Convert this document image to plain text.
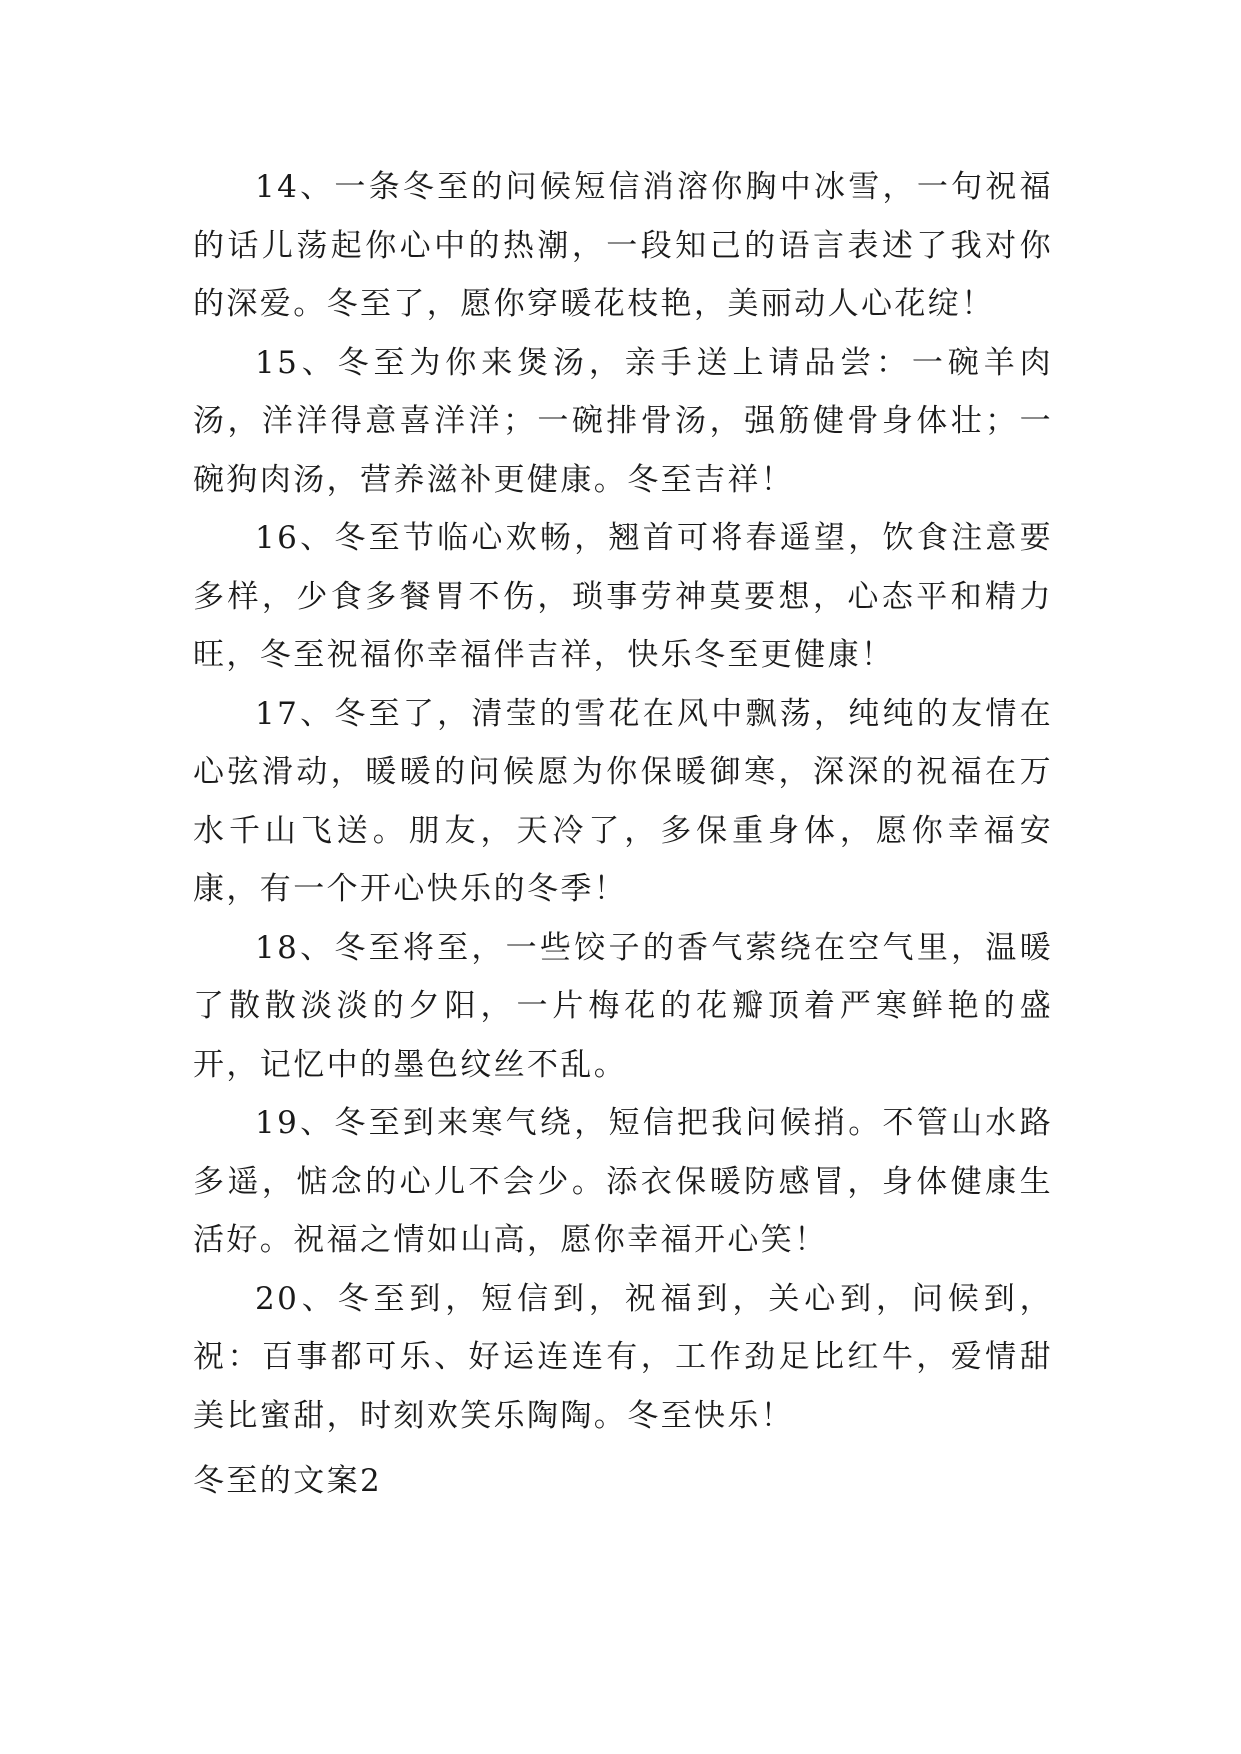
14、一条冬至的问候短信消溶你胸中冰雪，一句祝福的话儿荡起你心中的热潮，一段知己的语言表述了我对你的深爱。冬至了，愿你穿暖花枝艳，美丽动人心花绽！

15、冬至为你来煲汤，亲手送上请品尝：一碗羊肉汤，洋洋得意喜洋洋；一碗排骨汤，强筋健骨身体壮；一碗狗肉汤，营养滋补更健康。冬至吉祥！

16、冬至节临心欢畅，翘首可将春遥望，饮食注意要多样，少食多餐胃不伤，琐事劳神莫要想，心态平和精力旺，冬至祝福你幸福伴吉祥，快乐冬至更健康！

17、冬至了，清莹的雪花在风中飘荡，纯纯的友情在心弦滑动，暖暖的问候愿为你保暖御寒，深深的祝福在万水千山飞送。朋友，天冷了，多保重身体，愿你幸福安康，有一个开心快乐的冬季！

18、冬至将至，一些饺子的香气萦绕在空气里，温暖了散散淡淡的夕阳，一片梅花的花瓣顶着严寒鲜艳的盛开，记忆中的墨色纹丝不乱。

19、冬至到来寒气绕，短信把我问候捎。不管山水路多遥，惦念的心儿不会少。添衣保暖防感冒，身体健康生活好。祝福之情如山高，愿你幸福开心笑！

20、冬至到，短信到，祝福到，关心到，问候到，祝：百事都可乐、好运连连有，工作劲足比红牛，爱情甜美比蜜甜，时刻欢笑乐陶陶。冬至快乐！

冬至的文案2
